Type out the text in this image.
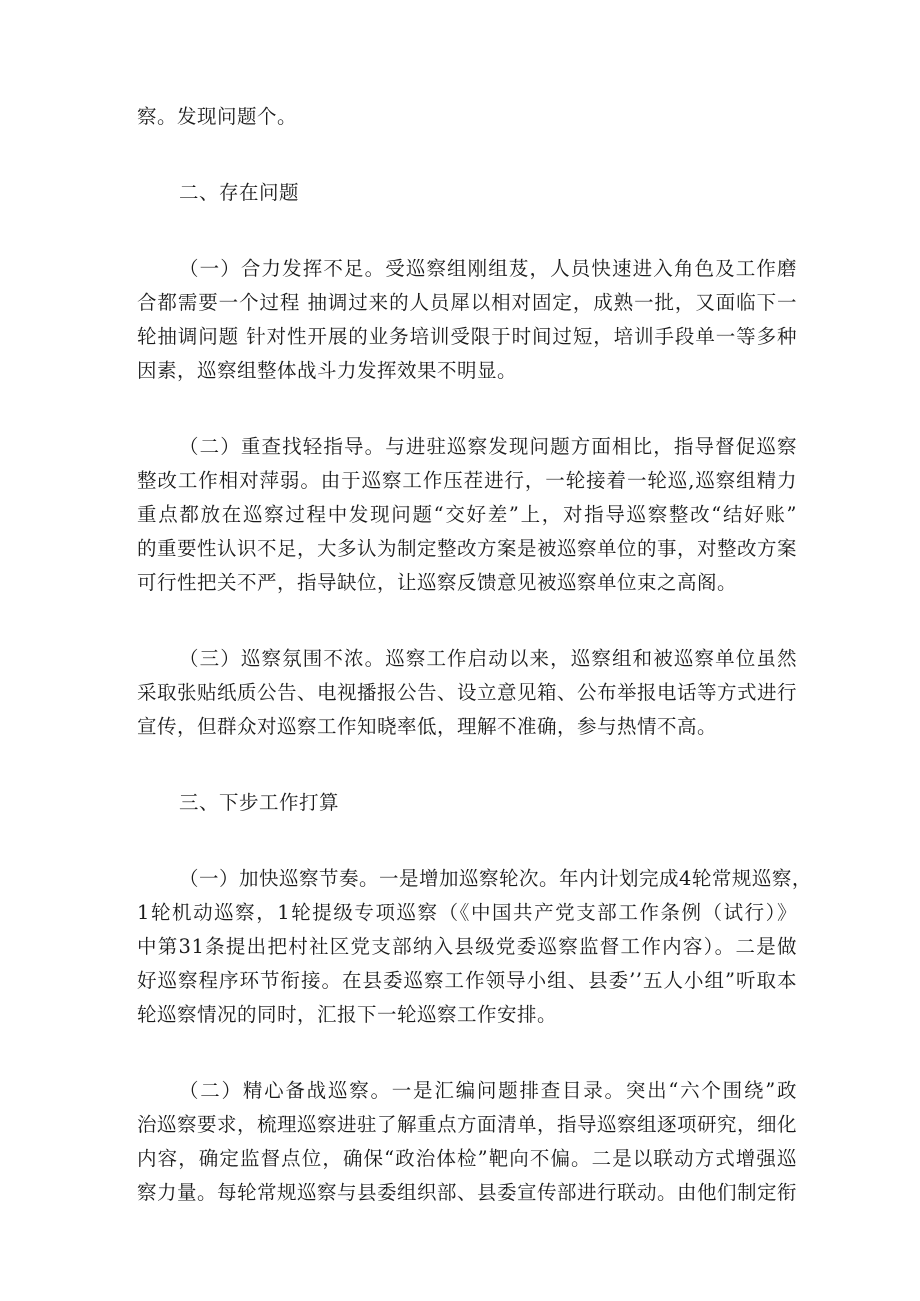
察。发现问题个。
二、存在问题
（一）合力发挥不足。受巡察组刚组芨，人员快速进入角色及工作磨
合都需要一个过程 抽调过来的人员犀以相对固定，成熟一批，又面临下一
轮抽调问题 针对性开展的业务培训受限于时间过短，培训手段单一等多种
因素，巡察组整体战斗力发挥效果不明显。
（二）重查找轻指导。与进驻巡察发现问题方面相比，指导督促巡察
整改工作相对萍弱。由于巡察工作压茬进行，一轮接着一轮巡,巡察组精力
重点都放在巡察过程中发现问题“交好差”上，对指导巡察整改“结好账”
的重要性认识不足，大多认为制定整改方案是被巡察单位的事，对整改方案
可行性把关不严，指导缺位，让巡察反馈意见被巡察单位束之高阁。
（三）巡察氛围不浓。巡察工作启动以来，巡察组和被巡察单位虽然
采取张贴纸质公告、电视播报公告、设立意见箱、公布举报电话等方式进行
宣传，但群众对巡察工作知晓率低，理解不准确，参与热情不高。
三、下步工作打算
（一）加快巡察节奏。一是增加巡察轮次。年内计划完成4轮常规巡察，
1轮机动巡察，1轮提级专项巡察（《中国共产党支部工作条例（试行）》
中第31条提出把村社区党支部纳入县级党委巡察监督工作内容）。二是做
好巡察程序环节衔接。在县委巡察工作领导小组、县委’’五人小组”听取本
轮巡察情况的同时，汇报下一轮巡察工作安排。
（二）精心备战巡察。一是汇编问题排查目录。突出“六个围绕”政
治巡察要求，梳理巡察进驻了解重点方面清单，指导巡察组逐项研究，细化
内容，确定监督点位，确保“政治体检”靶向不偏。二是以联动方式增强巡
察力量。每轮常规巡察与县委组织部、县委宣传部进行联动。由他们制定衔
